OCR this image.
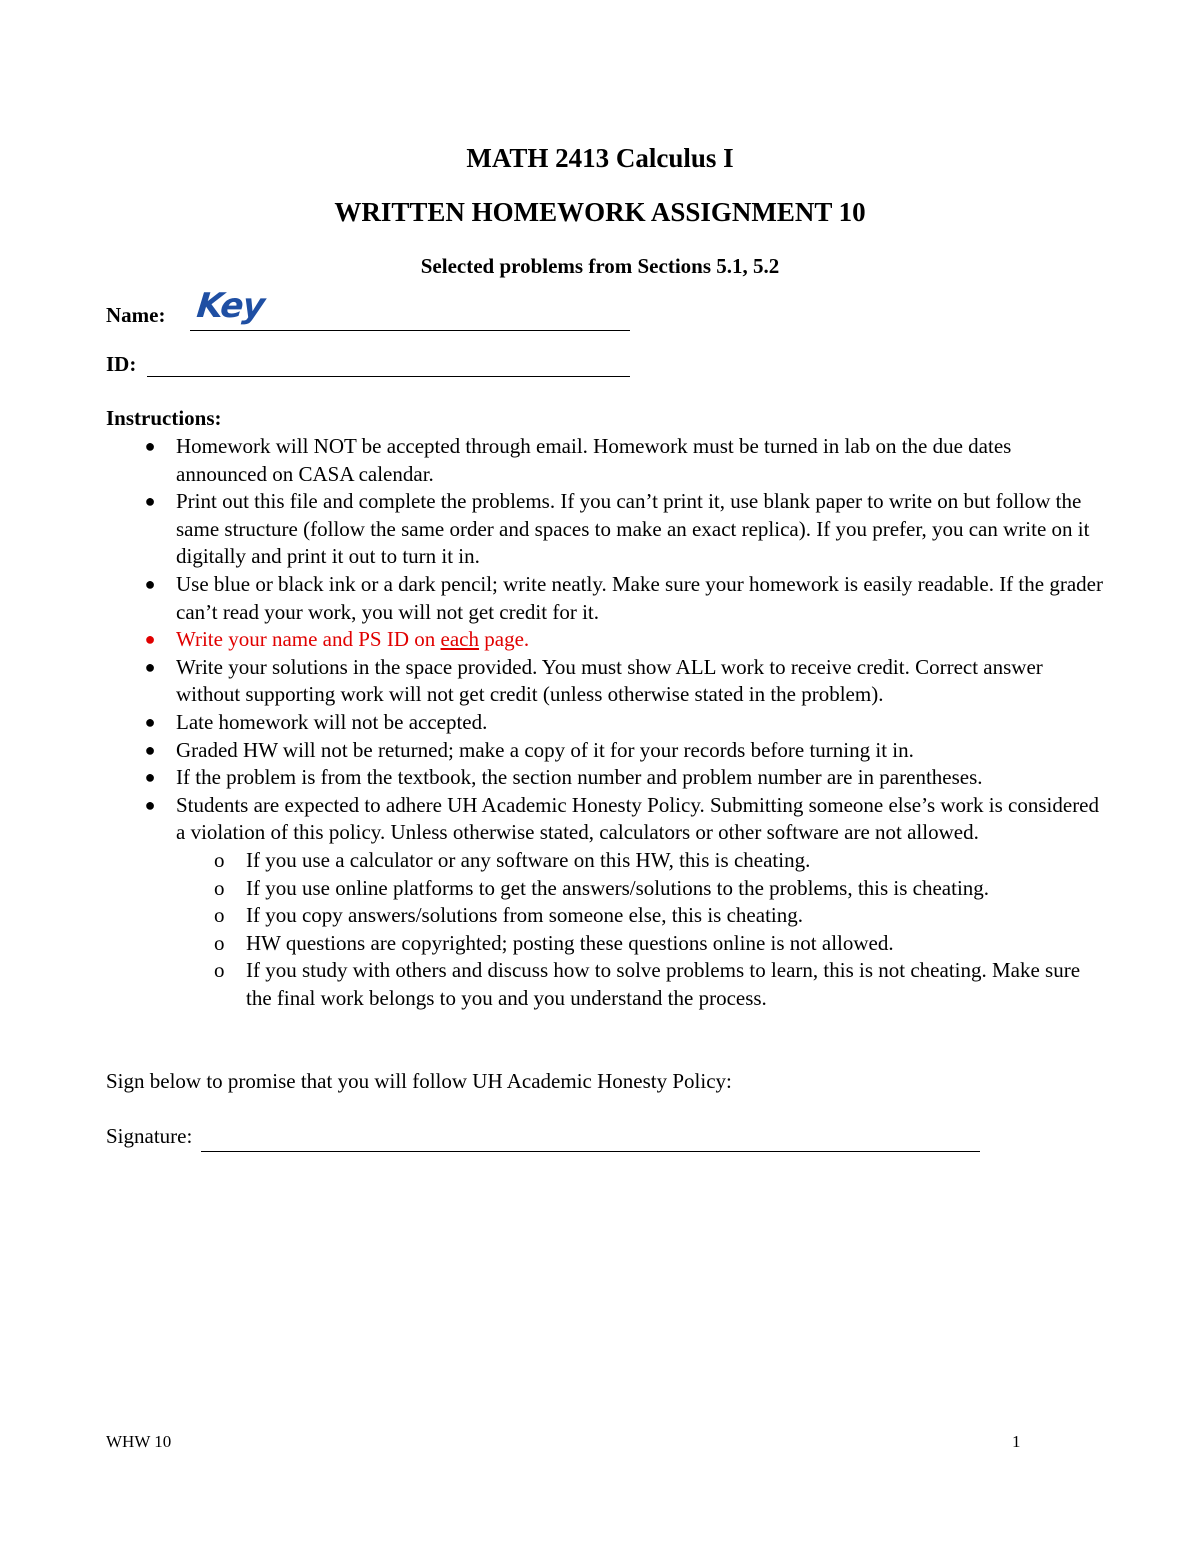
MATH 2413 Calculus I
WRITTEN HOMEWORK ASSIGNMENT 10
Selected problems from Sections 5.1, 5.2
Name: Key
ID:
Instructions:
● Homework will NOT be accepted through email. Homework must be turned in lab on the due dates announced on CASA calendar.
● Print out this file and complete the problems. If you can’t print it, use blank paper to write on but follow the same structure (follow the same order and spaces to make an exact replica). If you prefer, you can write on it digitally and print it out to turn it in.
● Use blue or black ink or a dark pencil; write neatly. Make sure your homework is easily readable. If the grader can’t read your work, you will not get credit for it.
● Write your name and PS ID on each page.
● Write your solutions in the space provided. You must show ALL work to receive credit. Correct answer without supporting work will not get credit (unless otherwise stated in the problem).
● Late homework will not be accepted.
● Graded HW will not be returned; make a copy of it for your records before turning it in.
● If the problem is from the textbook, the section number and problem number are in parentheses.
● Students are expected to adhere UH Academic Honesty Policy. Submitting someone else’s work is considered a violation of this policy. Unless otherwise stated, calculators or other software are not allowed.
o If you use a calculator or any software on this HW, this is cheating.
o If you use online platforms to get the answers/solutions to the problems, this is cheating.
o If you copy answers/solutions from someone else, this is cheating.
o HW questions are copyrighted; posting these questions online is not allowed.
o If you study with others and discuss how to solve problems to learn, this is not cheating. Make sure the final work belongs to you and you understand the process.
Sign below to promise that you will follow UH Academic Honesty Policy:
Signature:
WHW 10	1
